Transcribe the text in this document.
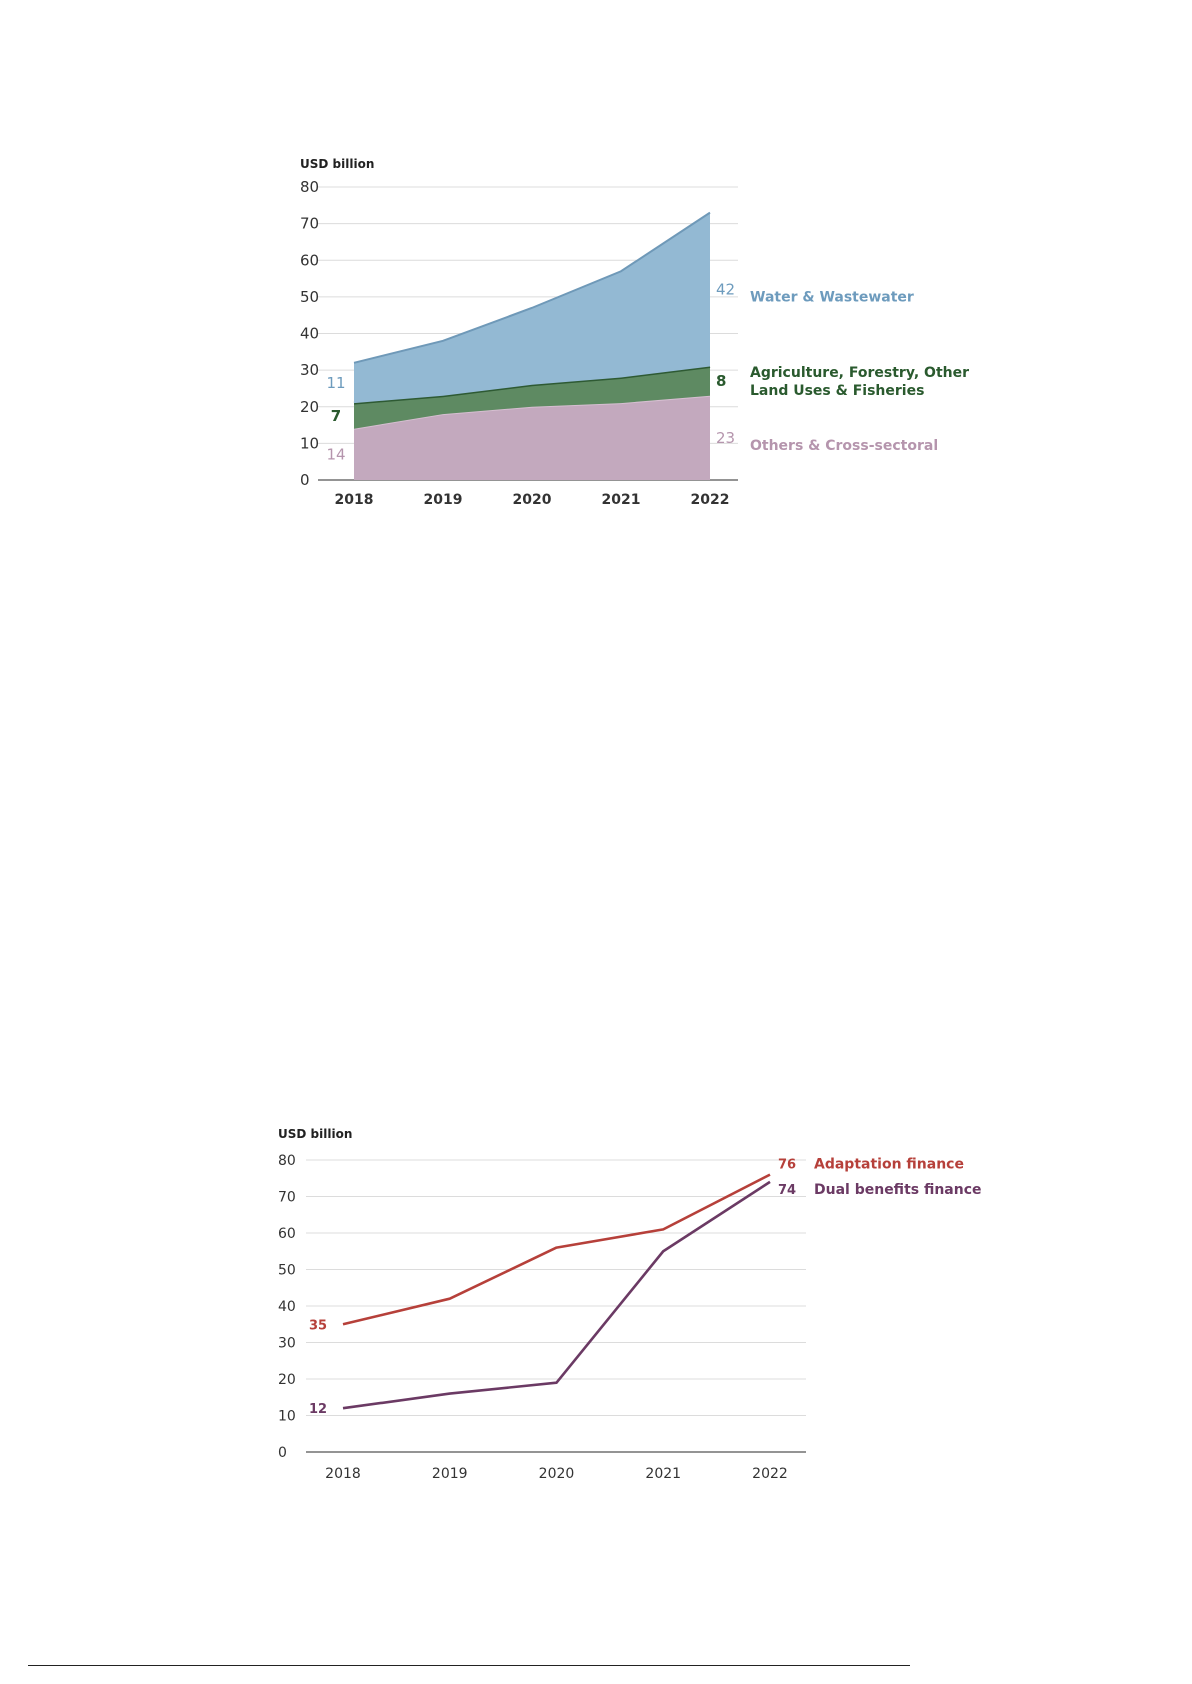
USD billion
0
10
20
30
40
50
60
70
80
2018	2019	2020	2021	2022
14
23 Others & Cross-sectoral
7
8 Agriculture, Forestry, Other
Land Uses & Fisheries
11
42 Water & Wastewater
USD billion
0
10
20
30
40
50
60
70
80
2018	2019	2020	2021	2022
35
76 Adaptation finance
12
74 Dual benefits finance
